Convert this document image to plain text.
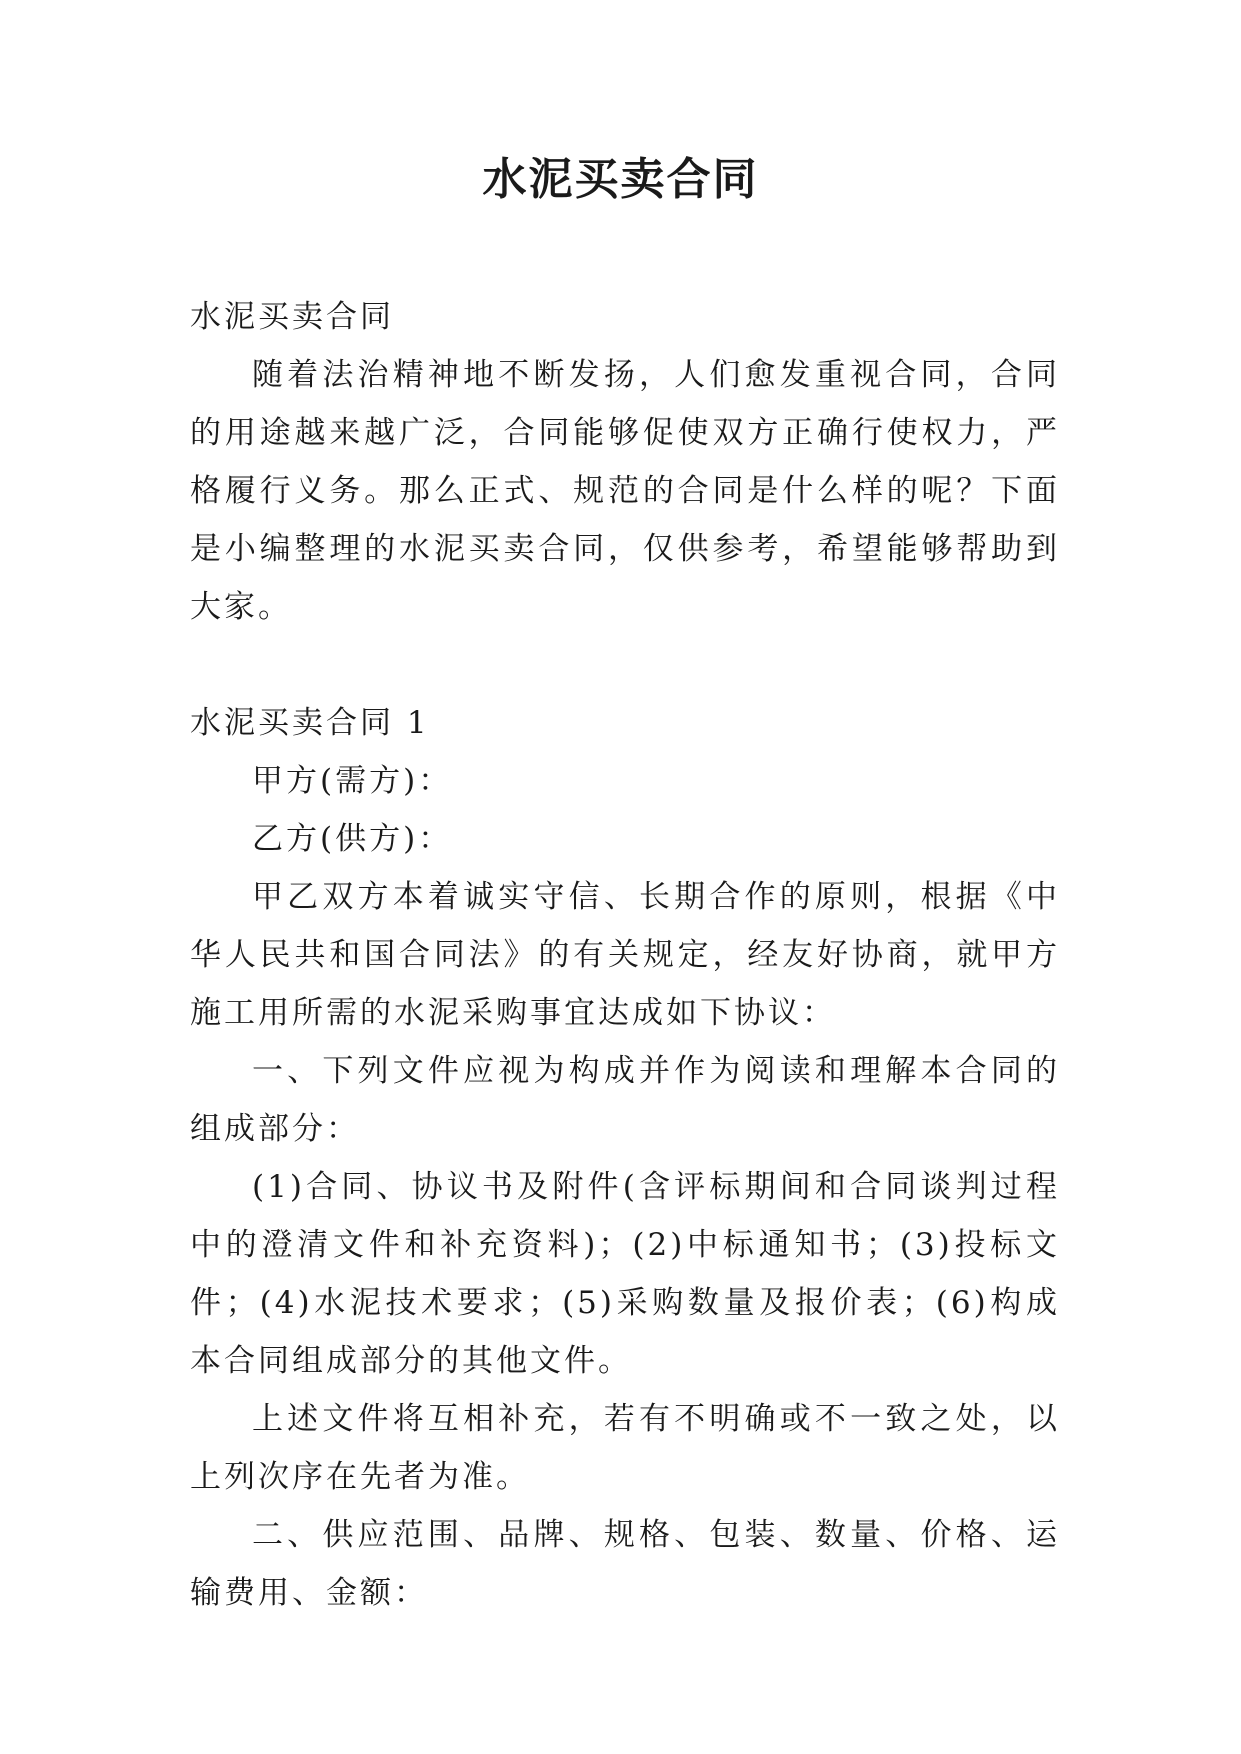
水泥买卖合同

水泥买卖合同

随着法治精神地不断发扬，人们愈发重视合同，合同的用途越来越广泛，合同能够促使双方正确行使权力，严格履行义务。那么正式、规范的合同是什么样的呢？下面是小编整理的水泥买卖合同，仅供参考，希望能够帮助到大家。

水泥买卖合同 1

甲方(需方)：

乙方(供方)：

甲乙双方本着诚实守信、长期合作的原则，根据《中华人民共和国合同法》的有关规定，经友好协商，就甲方施工用所需的水泥采购事宜达成如下协议：

一、下列文件应视为构成并作为阅读和理解本合同的组成部分：

(1)合同、协议书及附件(含评标期间和合同谈判过程中的澄清文件和补充资料)；(2)中标通知书；(3)投标文件；(4)水泥技术要求；(5)采购数量及报价表；(6)构成本合同组成部分的其他文件。

上述文件将互相补充，若有不明确或不一致之处，以上列次序在先者为准。

二、供应范围、品牌、规格、包装、数量、价格、运输费用、金额：
